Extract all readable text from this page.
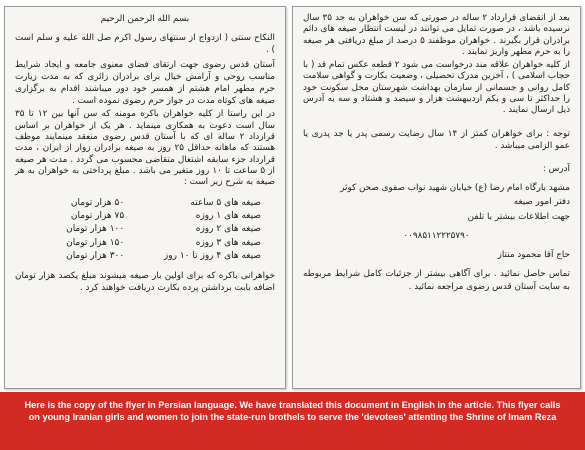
بسم الله الرحمن الرحیم
النکاح سنتی ( ازدواج از سنتهای رسول اکرم صل الله علیه و سلم است ) .
آستان قدس رضوی جهت ارتقای فضای معنوی جامعه و ایجاد شرایط مناسب روحی و آرامش خیال برای برادران زائری که به مدت زیارت حرم مطهر امام هشتم از همسر خود دور میباشند اقدام به برگزاری صیغه های کوتاه مدت در جوار حرم رضوی نموده است .
در این راستا از کلیه خواهران باکره مومنه که سن آنها بین ۱۲ تا ۳۵ سال است دعوت به همکاری مینماید . هر یک از خواهران بر اساس قرارداد ۲ ساله ای که با آستان قدس رضوی منعقد مینمایند موظف هستند که ماهانه حداقل ۲۵ روز به صیغه برادران زوار از ایران ، مدت قرارداد جزء سابقه اشتغال متقاضی محسوب می گردد . مدت هر صیغه از ۵ ساعت تا ۱۰ روز متغیر می باشد . مبلغ پرداختی به خواهران به هر صیغه به شرح زیر است :
صیغه های ۵ ساعته	۵۰ هزار تومان
صیغه های ۱ روزه	۷۵ هزار تومان
صیغه های ۲ روزه	۱۰۰ هزار تومان
صیغه های ۳ روزه	۱۵۰ هزار تومان
صیغه های ۴ روز تا ۱۰ روز	۳۰۰ هزار تومان
خواهرانی باکره که برای اولین بار صیغه میشوند مبلغ یکصد هزار تومان اضافه بابت برداشتن پرده بکارت دریافت خواهند کرد .
بعد از انقضای قرارداد ۲ ساله در صورتی که سن خواهران به حد ۳۵ سال نرسیده باشد ، در صورت تمایل می توانند در لیست انتظار صیغه های دائم برادران قرار بگیرند . خواهران موظفند ۵ درصد از مبلغ دریافتی هر صیغه را به حرم مطهر واریز نمایند .
از کلیه خواهران علاقه مند درخواست می شود ۲ قطعه عکس تمام قد ( با حجاب اسلامی ) ، آخرین مدرک تحصیلی ، وضعیت بکارت و گواهی سلامت کامل روانی و جسمانی از سازمان بهداشت شهرستان محل سکونت خود را حداکثر تا سی و یکم اردیبهشت هزار و سیصد و هشتاد و سه به آدرس ذیل ارسال نمایند .
توجه : برای خواهران کمتر از ۱۴ سال رضایت رسمی پدر یا جد پدری یا عمو الزامی میباشد .
آدرس :
مشهد بارگاه امام رضا (ع) خیابان شهید نواب صفوی صحن کوثر
دفتر امور صیغه
جهت اطلاعات بیشتر با تلفن
۰۰۹۸۵۱۱۲۲۲۵۷۹۰
حاج آقا محمود منتاز
تماس حاصل نمائید . برای آگاهی بیشتر از جزئیات کامل شرایط مربوطه به سایت آستان قدس رضوی مراجعه نمائید .
Here is the copy of the flyer in Persian language. We have translated this document in English in the article. This flyer calls on young Iranian girls and women to join the state-run brothels to serve the 'devotees' attenting the Shrine of Imam Reza
